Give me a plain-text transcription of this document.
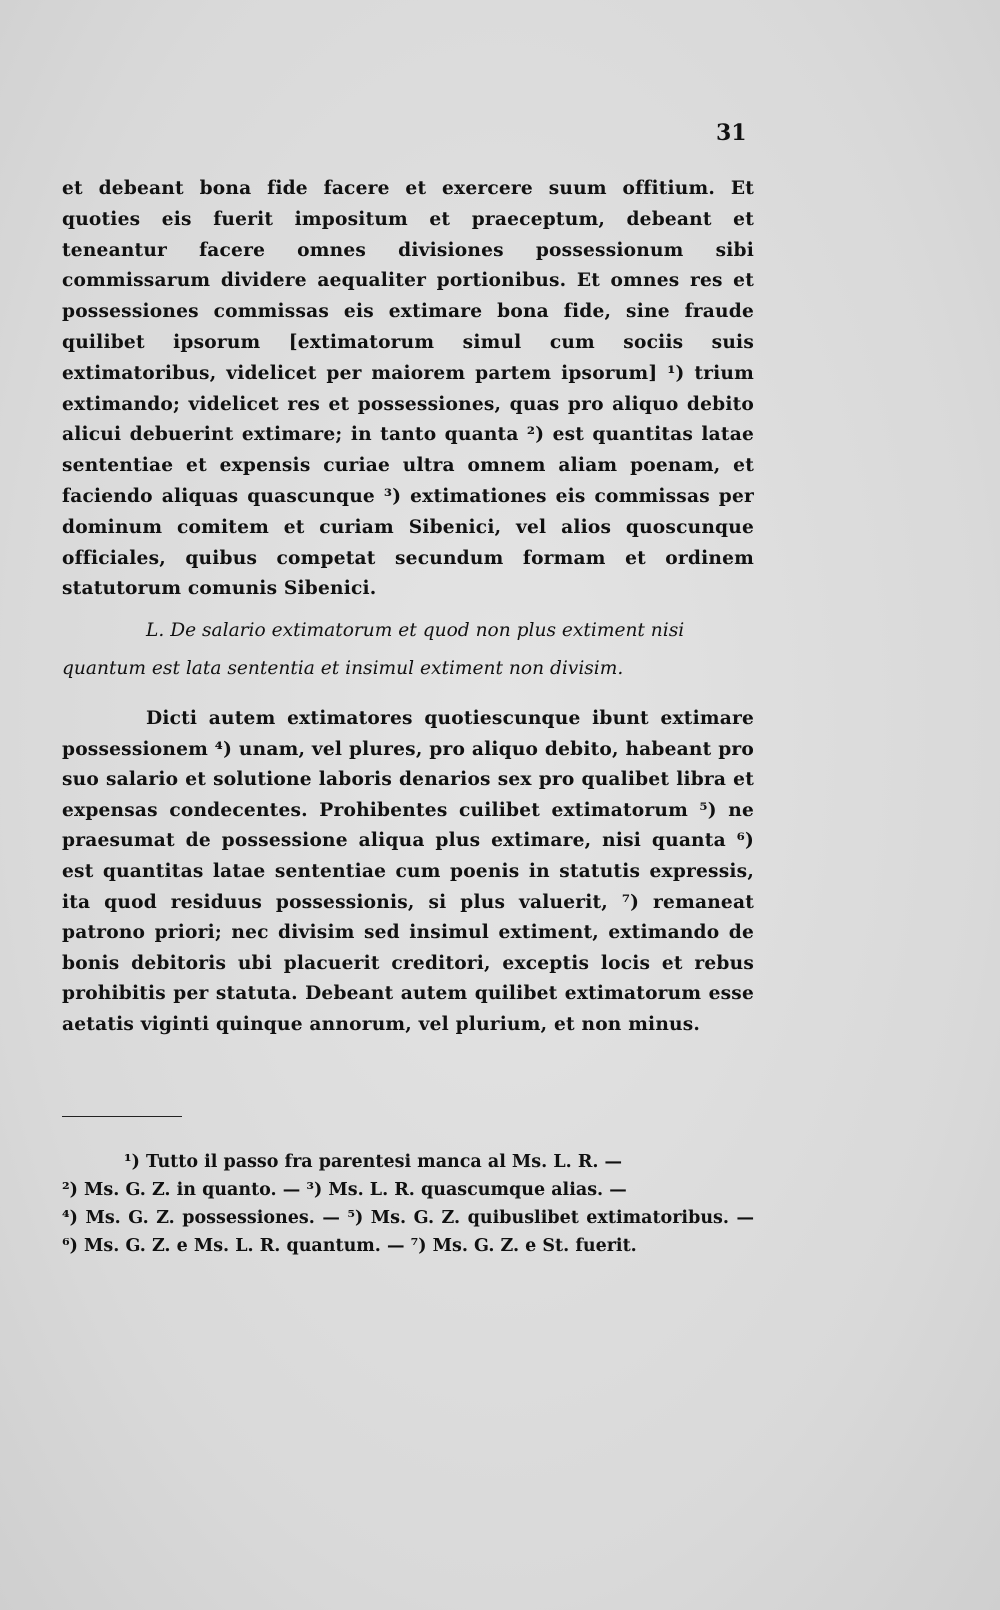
31

et debeant bona fide facere et exercere suum offitium. Et quoties eis fuerit impositum et praeceptum, debeant et teneantur facere omnes divisiones possessionum sibi commissarum dividere aequaliter portionibus. Et omnes res et possessiones commissas eis extimare bona fide, sine fraude quilibet ipsorum [extimatorum simul cum sociis suis extimatoribus, videlicet per maiorem partem ipsorum] ¹) trium extimando; videlicet res et possessiones, quas pro aliquo debito alicui debuerint extimare; in tanto quanta ²) est quantitas latae sententiae et expensis curiae ultra omnem aliam poenam, et faciendo aliquas quascunque ³) extimationes eis commissas per dominum comitem et curiam Sibenici, vel alios quoscunque officiales, quibus competat secundum formam et ordinem statutorum comunis Sibenici.

L. De salario extimatorum et quod non plus extiment nisi quantum est lata sententia et insimul extiment non divisim.

Dicti autem extimatores quotiescunque ibunt extimare possessionem ⁴) unam, vel plures, pro aliquo debito, habeant pro suo salario et solutione laboris denarios sex pro qualibet libra et expensas condecentes. Prohibentes cuilibet extimatorum ⁵) ne praesumat de possessione aliqua plus extimare, nisi quanta ⁶) est quantitas latae sententiae cum poenis in statutis expressis, ita quod residuus possessionis, si plus valuerit, ⁷) remaneat patrono priori; nec divisim sed insimul extiment, extimando de bonis debitoris ubi placuerit creditori, exceptis locis et rebus prohibitis per statuta. Debeant autem quilibet extimatorum esse aetatis viginti quinque annorum, vel plurium, et non minus.

¹) Tutto il passo fra parentesi manca al Ms. L. R. —
²) Ms. G. Z. in quanto. — ³) Ms. L. R. quascumque alias. —
⁴) Ms. G. Z. possessiones. — ⁵) Ms. G. Z. quibuslibet extimatoribus. — ⁶) Ms. G. Z. e Ms. L. R. quantum. — ⁷) Ms. G. Z. e St. fuerit.
